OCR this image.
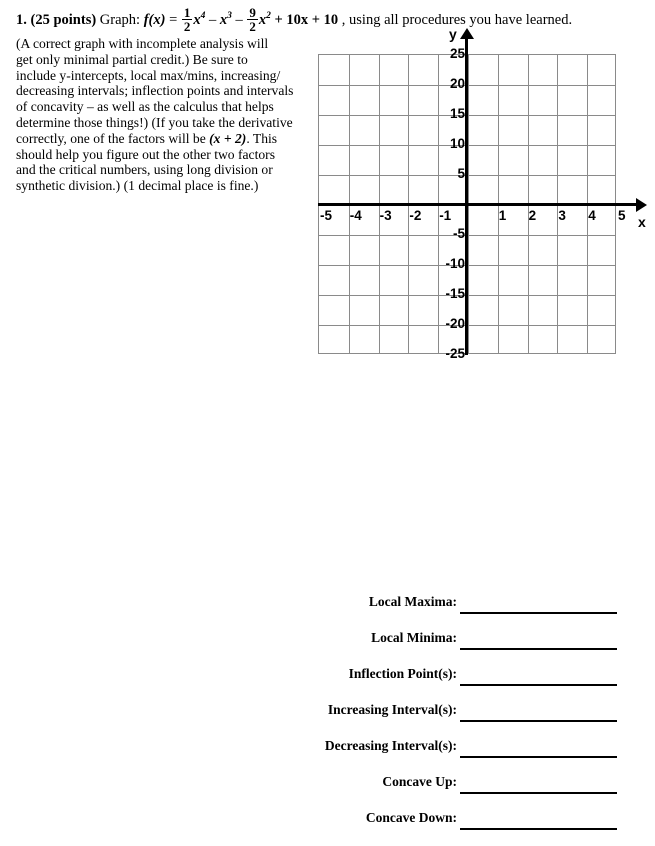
1. (25 points) Graph: $f(x) = \frac{1}{2} x^4 - x^3 - \frac{9}{2} x^2 + 10x + 10$ , using all procedures you have learned.
(A correct graph with incomplete analysis will
get only minimal partial credit.) Be sure to
include y-intercepts, local max/mins, increasing/
decreasing intervals; inflection points and intervals
of concavity – as well as the calculus that helps
determine those things!) (If you take the derivative
correctly, one of the factors will be (x + 2). This
should help you figure out the other two factors
and the critical numbers, using long division or
synthetic division.) (1 decimal place is fine.)
y
x
25
20
15
10
5
-5
-10
-15
-20
-25
-5 -4 -3 -2 -1	1 2 3 4 5
Local Maxima:
Local Minima:
Inflection Point(s):
Increasing Interval(s):
Decreasing Interval(s):
Concave Up:
Concave Down:
